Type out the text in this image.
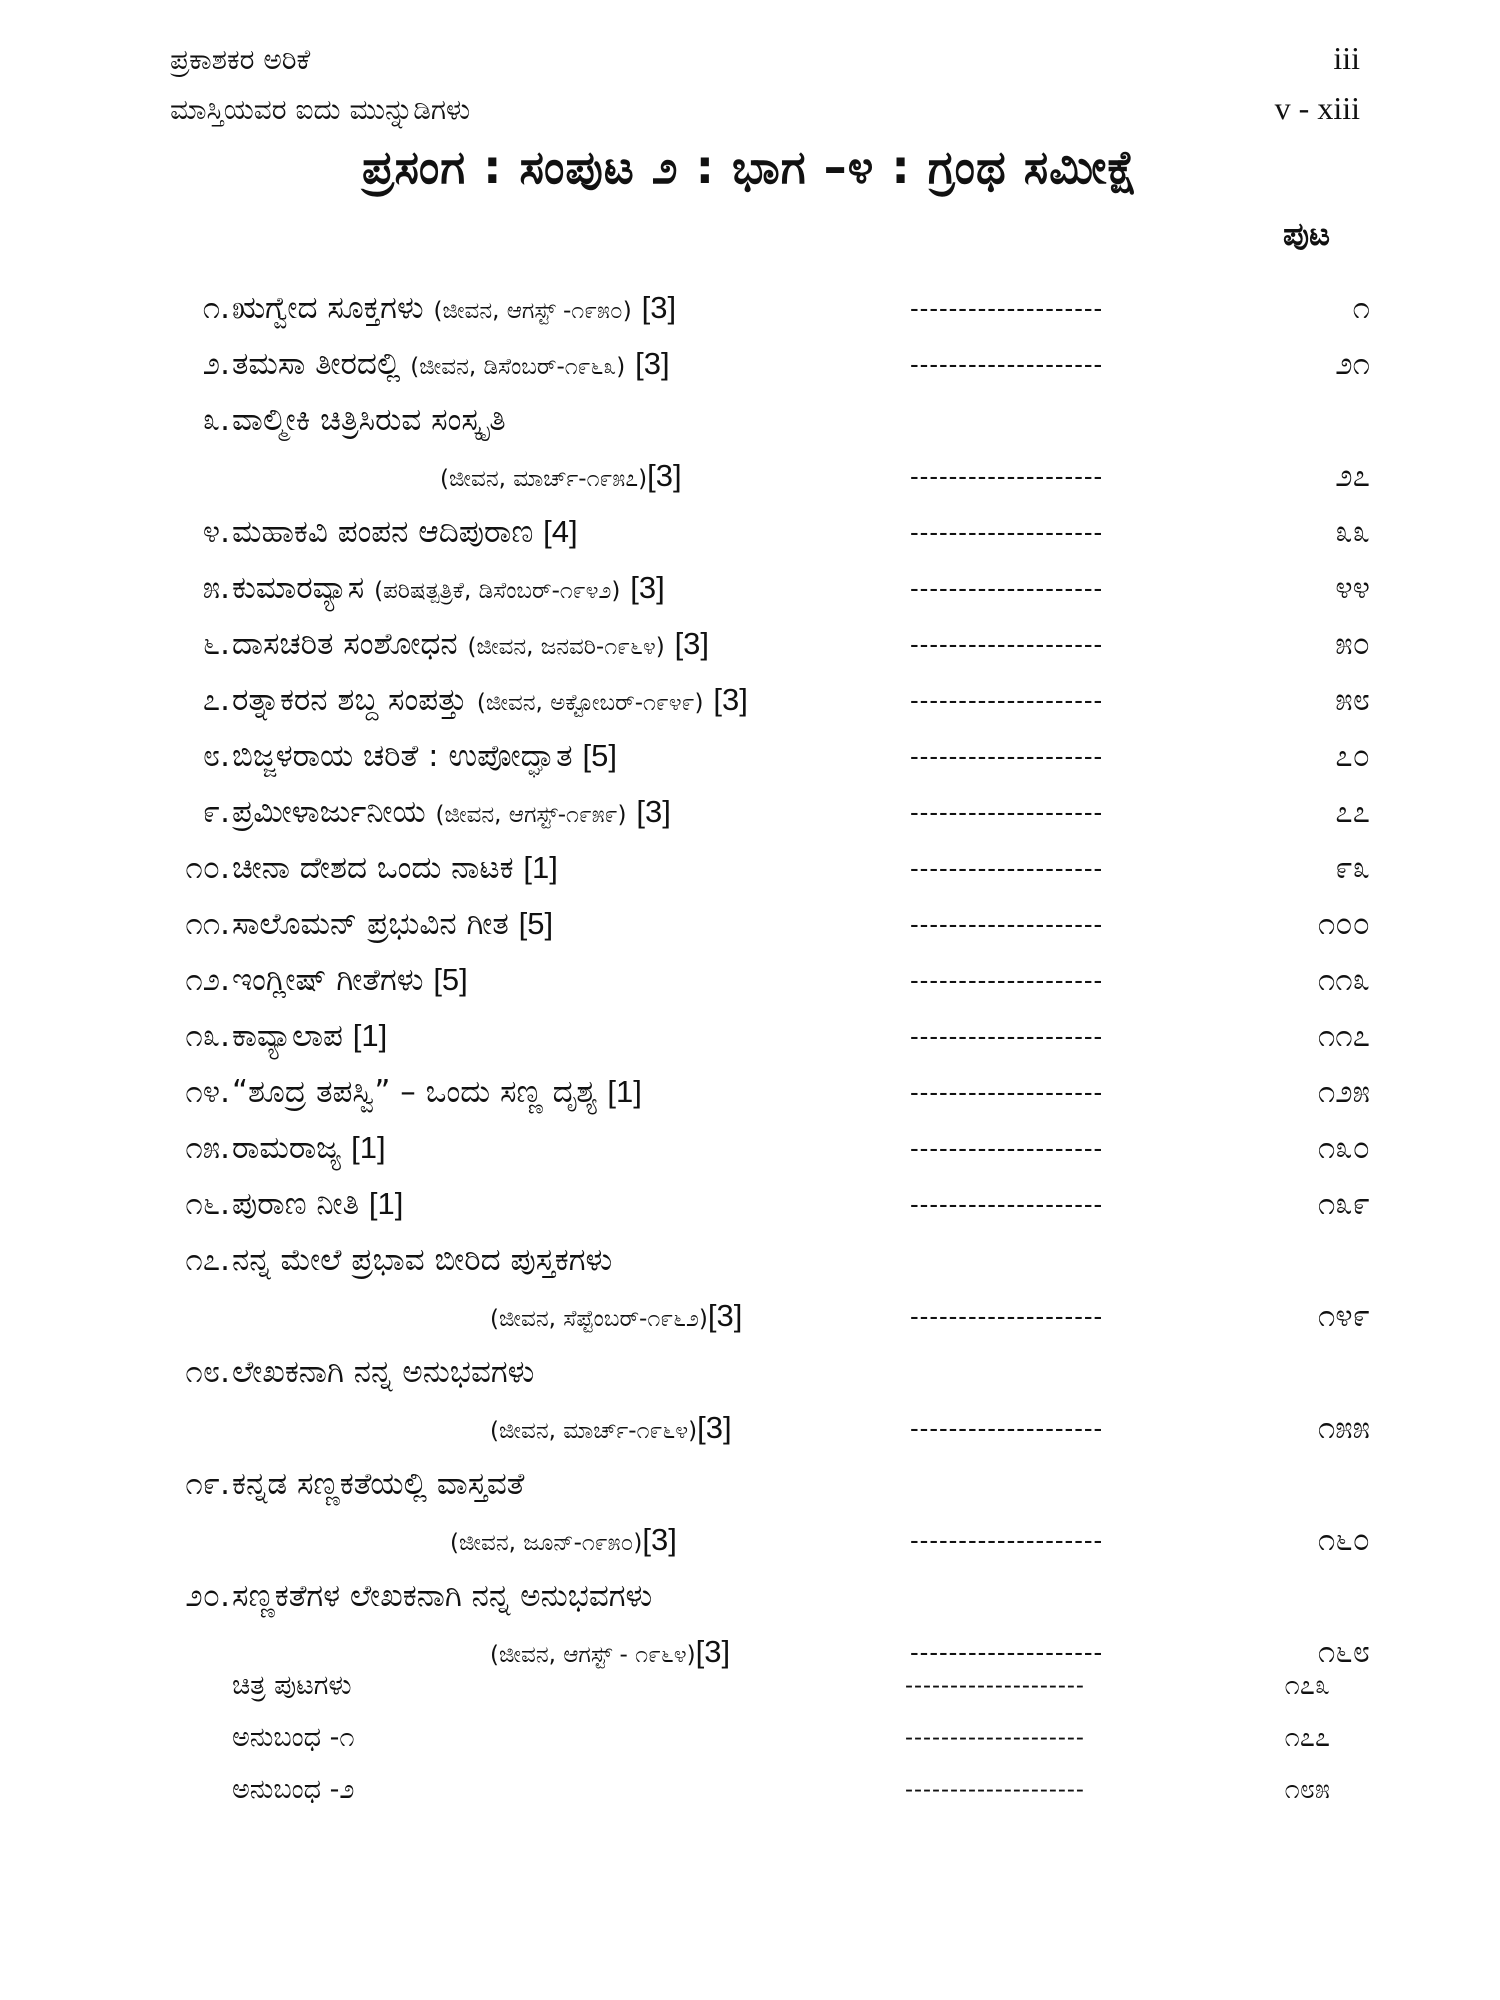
ಪ್ರಕಾಶಕರ ಅರಿಕೆ	iii
ಮಾಸ್ತಿಯವರ ಐದು ಮುನ್ನುಡಿಗಳು	v - xiii
ಪ್ರಸಂಗ : ಸಂಪುಟ ೨ : ಭಾಗ –೪ : ಗ್ರಂಥ ಸಮೀಕ್ಷೆ
ಪುಟ
೧. ಋಗ್ವೇದ ಸೂಕ್ತಗಳು (ಜೀವನ, ಆಗಸ್ಟ್ -೧೯೫೦) [3]	--------------------	೧
೨. ತಮಸಾ ತೀರದಲ್ಲಿ (ಜೀವನ, ಡಿಸೆಂಬರ್-೧೯೬೩) [3]	--------------------	೨೧
೩. ವಾಲ್ಮೀಕಿ ಚಿತ್ರಿಸಿರುವ ಸಂಸ್ಕೃತಿ
(ಜೀವನ, ಮಾರ್ಚ್-೧೯೫೭)[3]	--------------------	೨೭
೪. ಮಹಾಕವಿ ಪಂಪನ ಆದಿಪುರಾಣ [4]	--------------------	೩೩
೫. ಕುಮಾರವ್ಯಾಸ (ಪರಿಷತ್ಪತ್ರಿಕೆ, ಡಿಸೆಂಬರ್-೧೯೪೨) [3]	--------------------	೪೪
೬. ದಾಸಚರಿತ ಸಂಶೋಧನ (ಜೀವನ, ಜನವರಿ-೧೯೬೪) [3]	--------------------	೫೦
೭. ರತ್ನಾಕರನ ಶಬ್ದ ಸಂಪತ್ತು (ಜೀವನ, ಅಕ್ಟೋಬರ್-೧೯೪೯) [3]	--------------------	೫೮
೮. ಬಿಜ್ಜಳರಾಯ ಚರಿತೆ : ಉಪೋದ್ಘಾತ [5]	--------------------	೭೦
೯. ಪ್ರಮೀಳಾರ್ಜುನೀಯ (ಜೀವನ, ಆಗಸ್ಟ್-೧೯೫೯) [3]	--------------------	೭೭
೧೦. ಚೀನಾ ದೇಶದ ಒಂದು ನಾಟಕ [1]	--------------------	೯೩
೧೧. ಸಾಲೊಮನ್ ಪ್ರಭುವಿನ ಗೀತ [5]	--------------------	೧೦೦
೧೨. ಇಂಗ್ಲೀಷ್ ಗೀತೆಗಳು [5]	--------------------	೧೧೩
೧೩. ಕಾವ್ಯಾಲಾಪ [1]	--------------------	೧೧೭
೧೪. “ಶೂದ್ರ ತಪಸ್ವಿ” – ಒಂದು ಸಣ್ಣ ದೃಶ್ಯ [1]	--------------------	೧೨೫
೧೫. ರಾಮರಾಜ್ಯ [1]	--------------------	೧೩೦
೧೬. ಪುರಾಣ ನೀತಿ [1]	--------------------	೧೩೯
೧೭. ನನ್ನ ಮೇಲೆ ಪ್ರಭಾವ ಬೀರಿದ ಪುಸ್ತಕಗಳು
(ಜೀವನ, ಸೆಪ್ಟೆಂಬರ್-೧೯೬೨)[3]	--------------------	೧೪೯
೧೮. ಲೇಖಕನಾಗಿ ನನ್ನ ಅನುಭವಗಳು
(ಜೀವನ, ಮಾರ್ಚ್-೧೯೬೪)[3]	--------------------	೧೫೫
೧೯. ಕನ್ನಡ ಸಣ್ಣಕತೆಯಲ್ಲಿ ವಾಸ್ತವತೆ
(ಜೀವನ, ಜೂನ್-೧೯೫೦)[3]	--------------------	೧೬೦
೨೦. ಸಣ್ಣಕತೆಗಳ ಲೇಖಕನಾಗಿ ನನ್ನ ಅನುಭವಗಳು
(ಜೀವನ, ಆಗಸ್ಟ್ - ೧೯೬೪)[3]	--------------------	೧೬೮
ಚಿತ್ರ ಪುಟಗಳು	--------------------	೧೭೩
ಅನುಬಂಧ -೧	--------------------	೧೭೭
ಅನುಬಂಧ -೨	--------------------	೧೮೫
